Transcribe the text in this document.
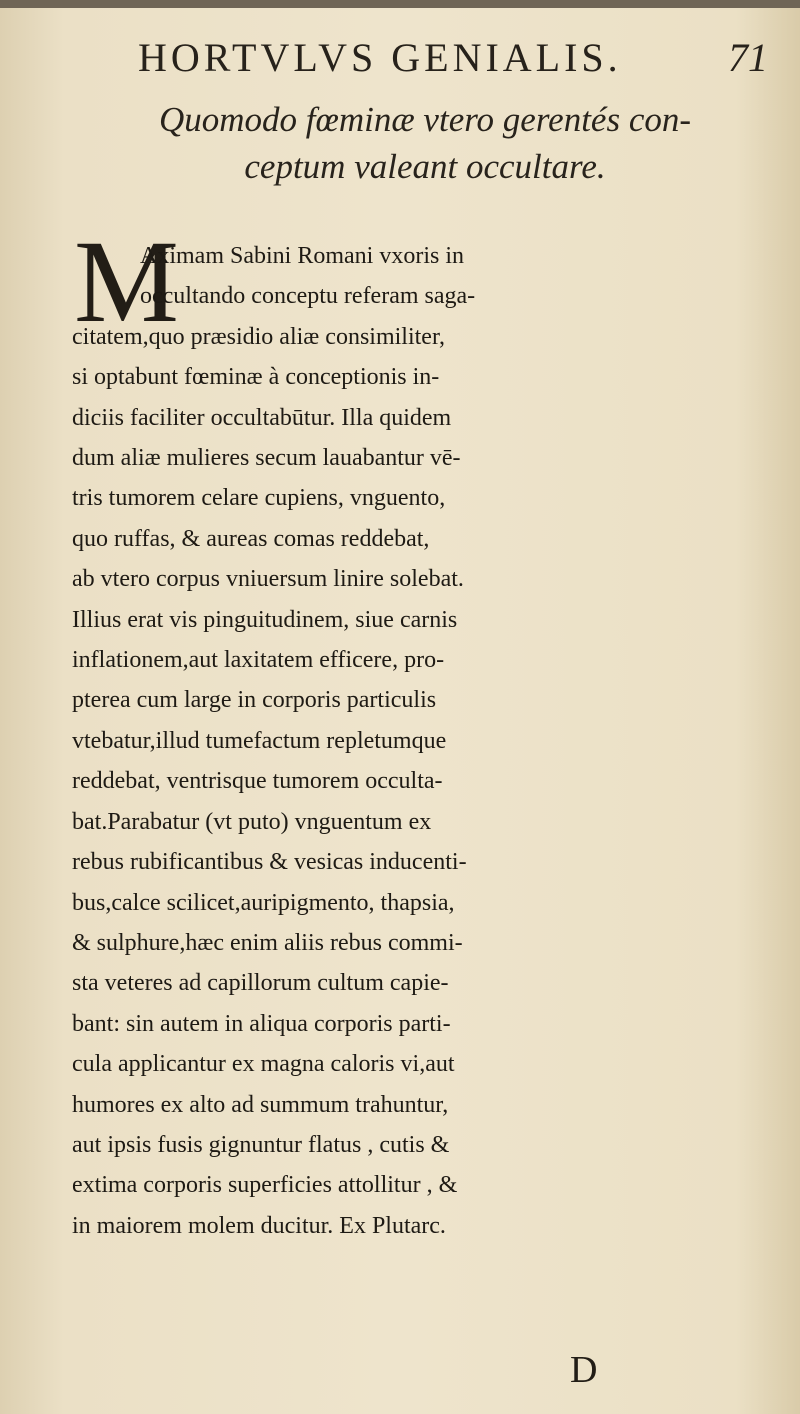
HORTVLVS GENIALIS.	71
Quomodo fœminæ vtero gerentés con-
ceptum valeant occultare.
M
Aximam Sabini Romani vxoris in
occultando conceptu referam saga-
citatem,quo præsidio aliæ consimiliter,
si optabunt fœminæ à conceptionis in-
diciis faciliter occultabūtur. Illa quidem
dum aliæ mulieres secum lauabantur vē-
tris tumorem celare cupiens, vnguento,
quo ruffas, & aureas comas reddebat,
ab vtero corpus vniuersum linire solebat.
Illius erat vis pinguitudinem, siue carnis
inflationem,aut laxitatem efficere, pro-
pterea cum large in corporis particulis
vtebatur,illud tumefactum repletumque
reddebat, ventrisque tumorem occulta-
bat.Parabatur (vt puto) vnguentum ex
rebus rubificantibus & vesicas inducenti-
bus,calce scilicet,auripigmento, thapsia,
& sulphure,hæc enim aliis rebus commi-
sta veteres ad capillorum cultum capie-
bant: sin autem in aliqua corporis parti-
cula applicantur ex magna caloris vi,aut
humores ex alto ad summum trahuntur,
aut ipsis fusis gignuntur flatus , cutis &
extima corporis superficies attollitur , &
in maiorem molem ducitur. Ex Plutarc.
D
